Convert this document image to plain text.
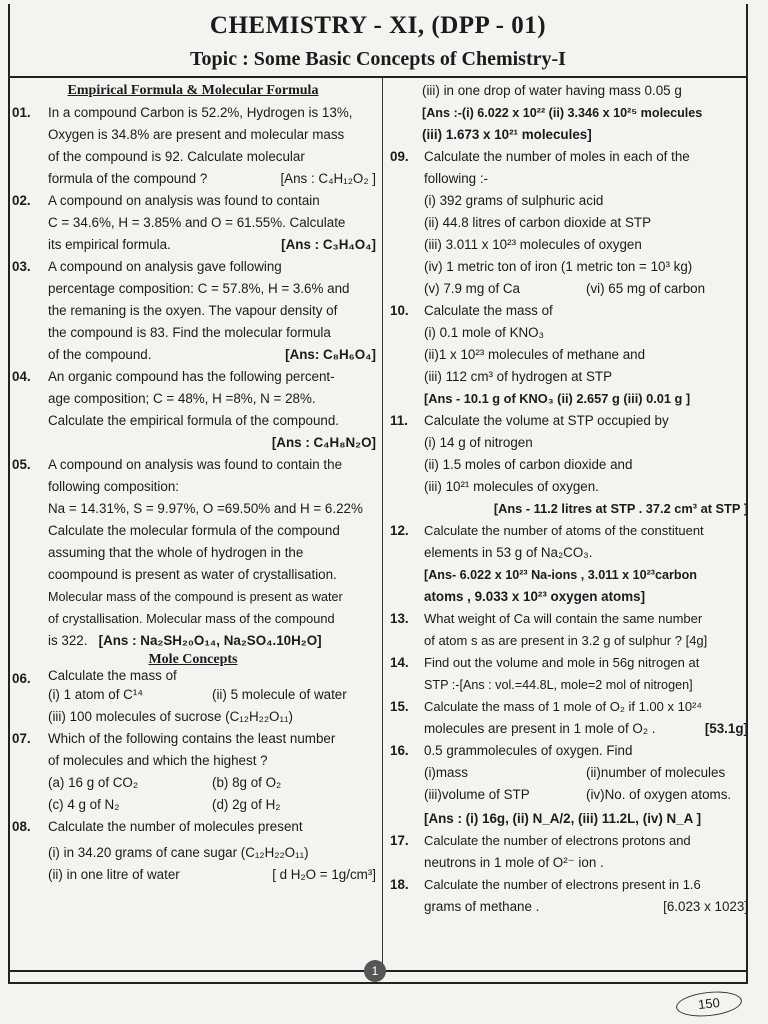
CHEMISTRY - XI, (DPP - 01)
Topic : Some Basic Concepts of Chemistry-I
Empirical Formula & Molecular Formula
01.	In a compound Carbon is 52.2%, Hydrogen is 13%,
Oxygen is 34.8% are present and molecular mass
of the compound is 92. Calculate molecular
formula of the compound ?	[Ans : C₄H₁₂O₂ ]
02.	A compound on analysis was found to contain
C = 34.6%, H = 3.85% and O = 61.55%. Calculate
its empirical formula.	[Ans : C₃H₄O₄]
03.	A compound on analysis gave following
percentage composition: C = 57.8%, H = 3.6% and
the remaning is the oxyen. The vapour density of
the compound is 83. Find the molecular formula
of the compound.	[Ans: C₈H₆O₄]
04.	An organic compound has the following percent-
age composition; C = 48%, H =8%, N = 28%.
Calculate the empirical formula of the compound.
[Ans : C₄H₈N₂O]
05.	A compound on analysis was found to contain the
following composition:
Na = 14.31%, S = 9.97%, O =69.50% and H = 6.22%
Calculate the molecular formula of the compound
assuming that the whole of hydrogen in the
coompound is present as water of crystallisation.
Molecular mass of the compound is present as water
of crystallisation. Molecular mass of the compound
is 322. [Ans : Na₂SH₂₀O₁₄, Na₂SO₄.10H₂O]
Mole Concepts
06.	Calculate the mass of
(i) 1 atom of C¹⁴	(ii) 5 molecule of water
(iii) 100 molecules of sucrose (C₁₂H₂₂O₁₁)
07.	Which of the following contains the least number
of molecules and which the highest ?
(a) 16 g of CO₂	(b) 8g of O₂
(c) 4 g of N₂	(d) 2g of H₂
08.	Calculate the number of molecules present
(i) in 34.20 grams of cane sugar (C₁₂H₂₂O₁₁)
(ii) in one litre of water	[ d H₂O = 1g/cm³]
(iii) in one drop of water having mass 0.05 g
[Ans :-(i) 6.022 x 10²² (ii) 3.346 x 10²⁵ molecules
(iii) 1.673 x 10²¹ molecules]
09.	Calculate the number of moles in each of the
following :-
(i) 392 grams of sulphuric acid
(ii) 44.8 litres of carbon dioxide at STP
(iii) 3.011 x 10²³ molecules of oxygen
(iv) 1 metric ton of iron (1 metric ton = 10³ kg)
(v) 7.9 mg of Ca	(vi) 65 mg of carbon
10.	Calculate the mass of
(i) 0.1 mole of KNO₃
(ii)1 x 10²³ molecules of methane and
(iii) 112 cm³ of hydrogen at STP
[Ans - 10.1 g of KNO₃ (ii) 2.657 g (iii) 0.01 g ]
11.	Calculate the volume at STP occupied by
(i) 14 g of nitrogen
(ii) 1.5 moles of carbon dioxide and
(iii) 10²¹ molecules of oxygen.
[Ans - 11.2 litres at STP . 37.2 cm³ at STP ]
12.	Calculate the number of atoms of the constituent
elements in 53 g of Na₂CO₃.
[Ans- 6.022 x 10²³ Na-ions , 3.011 x 10²³carbon
atoms , 9.033 x 10²³ oxygen atoms]
13.	What weight of Ca will contain the same number
of atom s as are present in 3.2 g of sulphur ? [4g]
14.	Find out the volume and mole in 56g nitrogen at
STP :-[Ans : vol.=44.8L, mole=2 mol of nitrogen]
15.	Calculate the mass of 1 mole of O₂ if 1.00 x 10²⁴
molecules are present in 1 mole of O₂ .	[53.1g]
16.	0.5 grammolecules of oxygen. Find
(i)mass	(ii)number of molecules
(iii)volume of STP	(iv)No. of oxygen atoms.
[Ans : (i) 16g, (ii) N_A/2, (iii) 11.2L, (iv) N_A ]
17.	Calculate the number of electrons protons and
neutrons in 1 mole of O²⁻ ion .
18.	Calculate the number of electrons present in 1.6
grams of methane .	[6.023 x 1023]
1
150
